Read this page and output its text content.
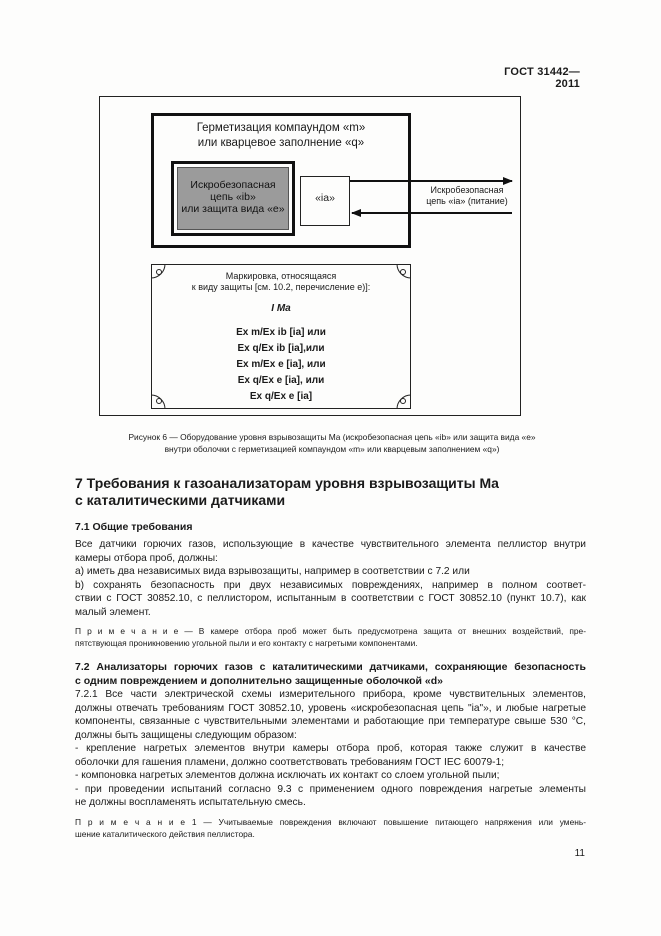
ГОСТ 31442—2011
Герметизация компаундом «m»
или кварцевое заполнение «q»
Искробезопасная
цепь «ib»
или защита вида «e»
«ia»
Искробезопасная
цепь «ia» (питание)
Маркировка, относящаяся
к виду защиты [см. 10.2, перечисление е)]:
I Ma
Ex m/Ex ib [ia] или
Ex q/Ex ib [ia],или
Ex m/Ex e [ia], или
Ex q/Ex e [ia], или
Ex q/Ex e [ia]
Рисунок 6 — Оборудование уровня взрывозащиты Ma (искробезопасная цепь «ib» или защита вида «e»
внутри оболочки с герметизацией компаундом «m» или кварцевым заполнением «q»)
7 Требования к газоанализаторам уровня взрывозащиты Ma
с каталитическими датчиками
7.1 Общие требования
Все датчики горючих газов, использующие в качестве чувствительного элемента пеллистор внутри
камеры отбора проб, должны:
a) иметь два независимых вида взрывозащиты, например в соответствии с 7.2 или
b) сохранять безопасность при двух независимых повреждениях, например в полном соответ-
ствии с ГОСТ 30852.10, с пеллистором, испытанным в соответствии с ГОСТ 30852.10 (пункт 10.7), как
малый элемент.
П р и м е ч а н и е — В камере отбора проб может быть предусмотрена защита от внешних воздействий, пре-
пятствующая проникновению угольной пыли и его контакту с нагретыми компонентами.
7.2 Анализаторы горючих газов с каталитическими датчиками, сохраняющие безопасность
с одним повреждением и дополнительно защищенные оболочкой «d»
7.2.1 Все части электрической схемы измерительного прибора, кроме чувствительных элементов,
должны отвечать требованиям ГОСТ 30852.10, уровень «искробезопасная цепь "ia"», и любые нагретые
компоненты, связанные с чувствительными элементами и работающие при температуре свыше 530 °C,
должны быть защищены следующим образом:
- крепление нагретых элементов внутри камеры отбора проб, которая также служит в качестве
оболочки для гашения пламени, должно соответствовать требованиям ГОСТ IEC 60079-1;
- компоновка нагретых элементов должна исключать их контакт со слоем угольной пыли;
- при проведении испытаний согласно 9.3 с применением одного повреждения нагретые элементы
не должны воспламенять испытательную смесь.
П р и м е ч а н и е 1 — Учитываемые повреждения включают повышение питающего напряжения или умень-
шение каталитического действия пеллистора.
11
